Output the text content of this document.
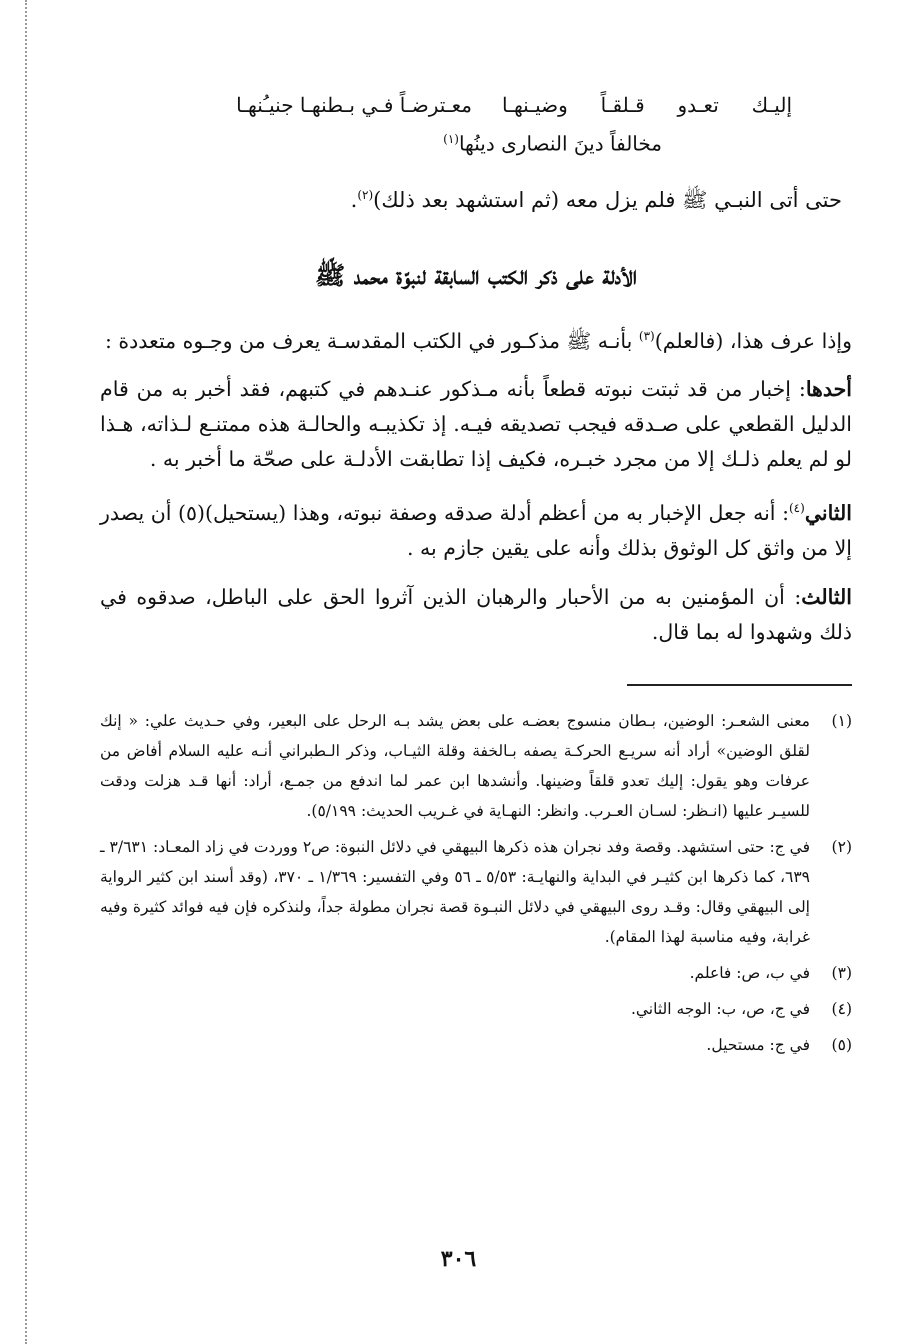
إليـك تعـدو قـلقـاً وضيـنهـا
معـترضـاً فـي بـطنهـا جنيـُنهـا
مخالفاً دينَ النصارى دينُها$^{(١)}$
حتى أتى النبـي ﷺ فلم يزل معه (ثم استشهد بعد ذلك)$^{(٢)}$.
الأدلة على ذكر الكتب السابقة لنبوّة محمد ﷺ

وإذا عرف هذا، (فالعلم)$^{(٣)}$ بأنـه ﷺ مذكـور في الكتب المقدسـة يعرف من وجـوه متعددة :

أحدها: إخبار من قد ثبتت نبوته قطعاً بأنه مـذكور عنـدهم في كتبهم، فقد أخبر به من قام الدليل القطعي على صـدقه فيجب تصديقه فيـه. إذ تكذيبـه والحالـة هذه ممتنـع لـذاته، هـذا لو لم يعلم ذلـك إلا من مجرد خبـره، فكيف إذا تطابقت الأدلـة على صحّة ما أخبر به .

الثاني$^{(٤)}$: أنه جعل الإخبار به من أعظم أدلة صدقه وصفة نبوته، وهذا (يستحيل)(٥) أن يصدر إلا من واثق كل الوثوق بذلك وأنه على يقين جازم به .

الثالث: أن المؤمنين به من الأحبار والرهبان الذين آثروا الحق على الباطل، صدقوه في ذلك وشهدوا له بما قال.

(١)
معنى الشعـر: الوضين، بـطان منسوج بعضـه على بعض يشد بـه الرحل على البعير، وفي حـديث علي: « إنك لقلق الوضين» أراد أنه سريـع الحركـة يصفه بـالخفة وقلة الثيـاب، وذكر الـطبراني أنـه عليه السلام أفاض من عرفات وهو يقول: إليك تعدو قلقاً وضينها. وأنشدها ابن عمر لما اندفع من جمـع، أراد: أنها قـد هزلت ودقت للسيـر عليها (انـظر: لسـان العـرب. وانظر: النهـاية في غـريب الحديث: ٥/١٩٩).
(٢)
في ج: حتى استشهد. وقصة وفد نجران هذه ذكرها البيهقي في دلائل النبوة: ص٢ ووردت في زاد المعـاد: ٣/٦٣١ ـ ٦٣٩، كما ذكرها ابن كثيـر في البداية والنهايـة: ٥/٥٣ ـ ٥٦ وفي التفسير: ١/٣٦٩ ـ ٣٧٠، (وقد أسند ابن كثير الرواية إلى البيهقي وقال: وقـد روى البيهقي في دلائل النبـوة قصة نجران مطولة جداً، ولنذكره فإن فيه فوائد كثيرة وفيه غرابة، وفيه مناسبة لهذا المقام).
(٣)
في ب، ص: فاعلم.
(٤)
في ج، ص، ب: الوجه الثاني.
(٥)
في ج: مستحيل.
٣٠٦
